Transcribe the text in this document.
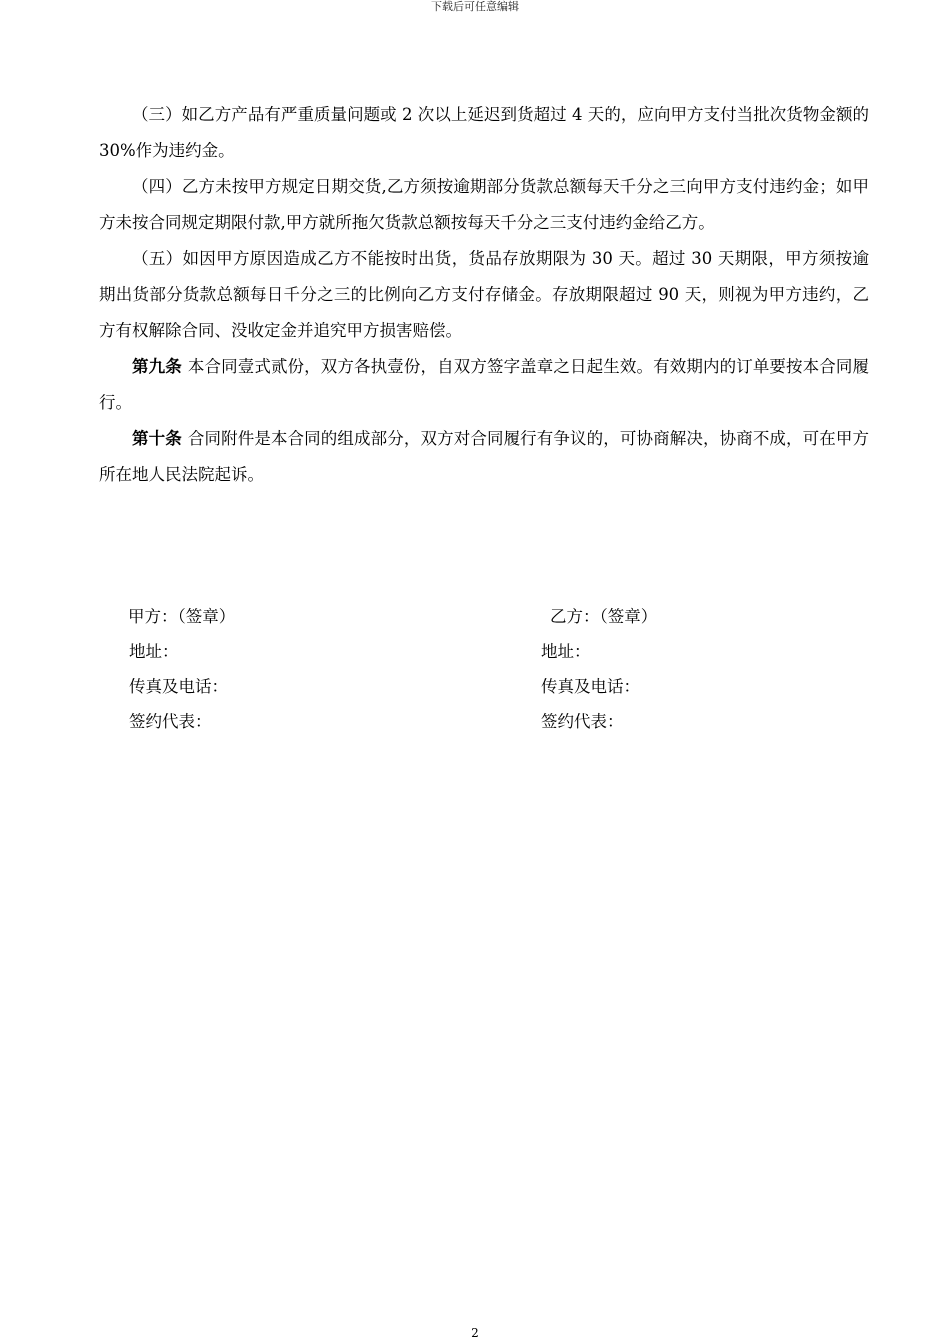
下载后可任意编辑

（三）如乙方产品有严重质量问题或 2 次以上延迟到货超过 4 天的，应向甲方支付当批次货物金额的 30%作为违约金。

（四）乙方未按甲方规定日期交货,乙方须按逾期部分货款总额每天千分之三向甲方支付违约金；如甲方未按合同规定期限付款,甲方就所拖欠货款总额按每天千分之三支付违约金给乙方。

（五）如因甲方原因造成乙方不能按时出货，货品存放期限为 30 天。超过 30 天期限，甲方须按逾期出货部分货款总额每日千分之三的比例向乙方支付存储金。存放期限超过 90 天，则视为甲方违约，乙方有权解除合同、没收定金并追究甲方损害赔偿。

第九条 本合同壹式贰份，双方各执壹份，自双方签字盖章之日起生效。有效期内的订单要按本合同履行。

第十条 合同附件是本合同的组成部分，双方对合同履行有争议的，可协商解决，协商不成，可在甲方所在地人民法院起诉。

甲方：（签章）	乙方：（签章）
地址：	地址：
传真及电话：	传真及电话：
签约代表：	签约代表：
2
